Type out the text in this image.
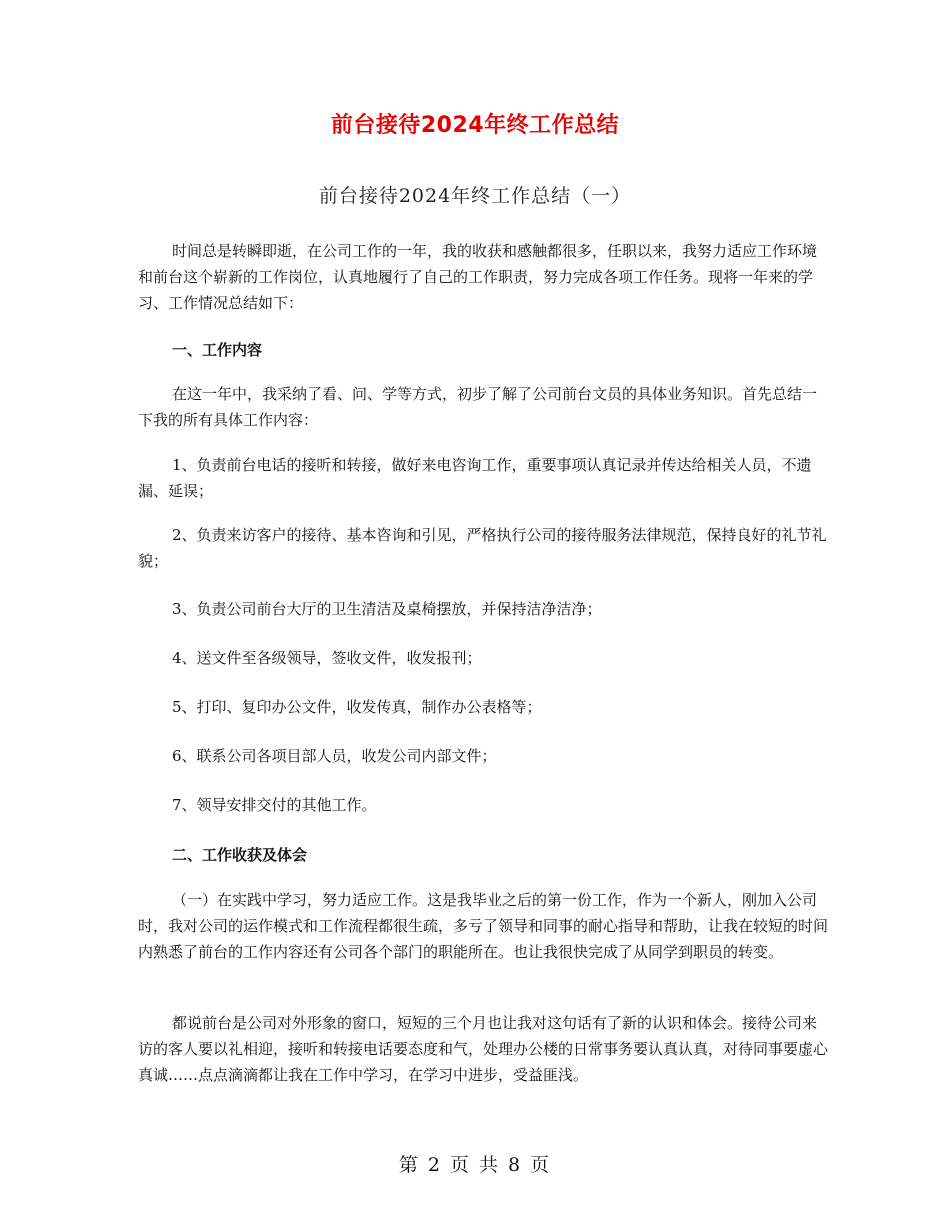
前台接待2024年终工作总结
前台接待2024年终工作总结（一）

时间总是转瞬即逝，在公司工作的一年，我的收获和感触都很多，任职以来，我努力适应工作环境和前台这个崭新的工作岗位，认真地履行了自己的工作职责，努力完成各项工作任务。现将一年来的学习、工作情况总结如下：

一、工作内容

在这一年中，我采纳了看、问、学等方式，初步了解了公司前台文员的具体业务知识。首先总结一下我的所有具体工作内容：

1、负责前台电话的接听和转接，做好来电咨询工作，重要事项认真记录并传达给相关人员，不遗漏、延误；

2、负责来访客户的接待、基本咨询和引见，严格执行公司的接待服务法律规范，保持良好的礼节礼貌；

3、负责公司前台大厅的卫生清洁及桌椅摆放，并保持洁净洁净；

4、送文件至各级领导，签收文件，收发报刊；

5、打印、复印办公文件，收发传真，制作办公表格等；

6、联系公司各项目部人员，收发公司内部文件；

7、领导安排交付的其他工作。

二、工作收获及体会

（一）在实践中学习，努力适应工作。这是我毕业之后的第一份工作，作为一个新人，刚加入公司时，我对公司的运作模式和工作流程都很生疏，多亏了领导和同事的耐心指导和帮助，让我在较短的时间内熟悉了前台的工作内容还有公司各个部门的职能所在。也让我很快完成了从同学到职员的转变。

都说前台是公司对外形象的窗口，短短的三个月也让我对这句话有了新的认识和体会。接待公司来访的客人要以礼相迎，接听和转接电话要态度和气，处理办公楼的日常事务要认真认真，对待同事要虚心真诚……点点滴滴都让我在工作中学习，在学习中进步，受益匪浅。

第 2 页 共 8 页
